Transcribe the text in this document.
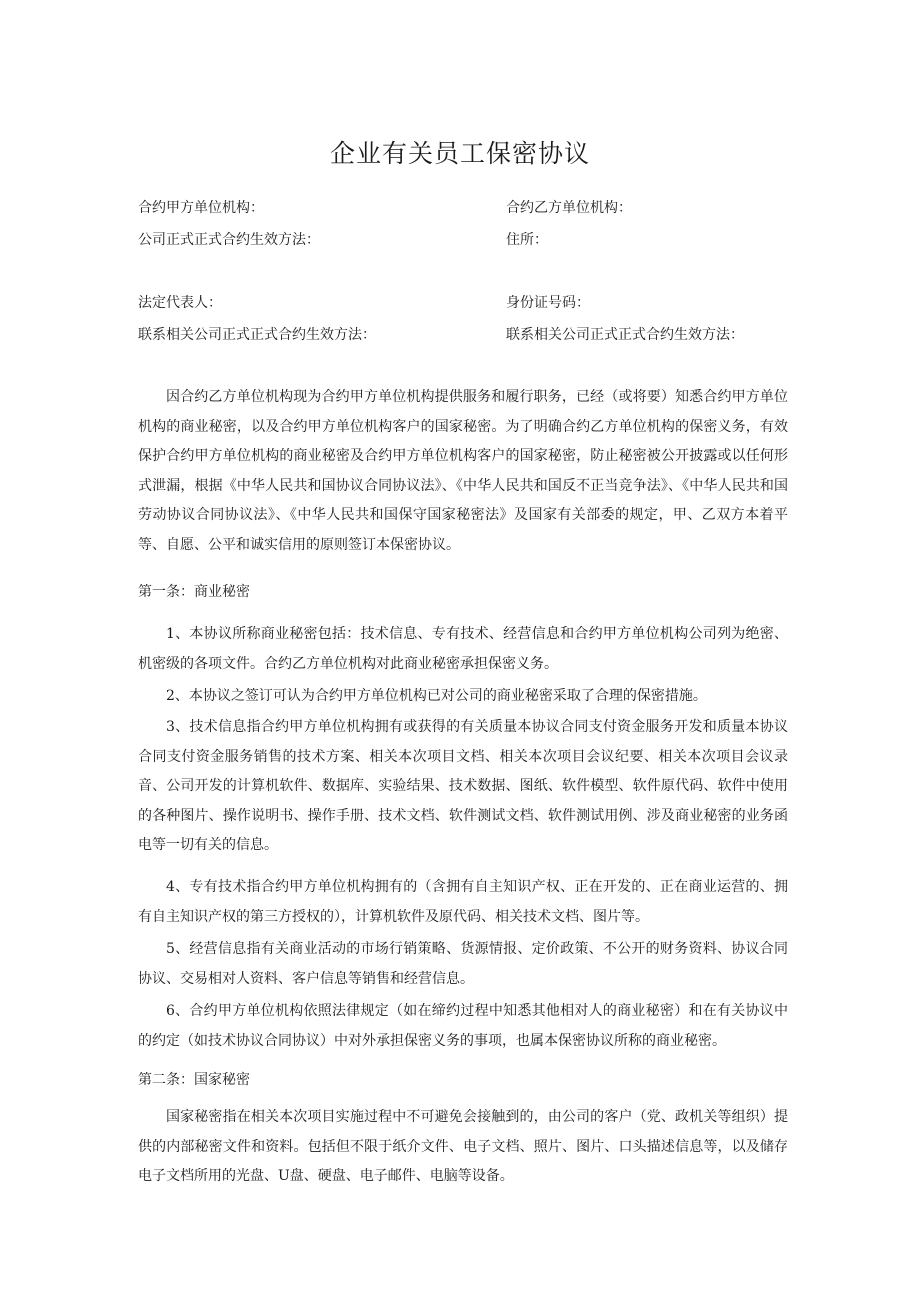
企业有关员工保密协议
合约甲方单位机构：	合约乙方单位机构：
公司正式正式合约生效方法：	住所：
法定代表人：	身份证号码：
联系相关公司正式正式合约生效方法：	联系相关公司正式正式合约生效方法：

因合约乙方单位机构现为合约甲方单位机构提供服务和履行职务，已经（或将要）知悉合约甲方单位机构的商业秘密，以及合约甲方单位机构客户的国家秘密。为了明确合约乙方单位机构的保密义务，有效保护合约甲方单位机构的商业秘密及合约甲方单位机构客户的国家秘密，防止秘密被公开披露或以任何形式泄漏，根据《中华人民共和国协议合同协议法》、《中华人民共和国反不正当竞争法》、《中华人民共和国劳动协议合同协议法》、《中华人民共和国保守国家秘密法》及国家有关部委的规定，甲、乙双方本着平等、自愿、公平和诚实信用的原则签订本保密协议。

第一条：商业秘密

1、本协议所称商业秘密包括：技术信息、专有技术、经营信息和合约甲方单位机构公司列为绝密、机密级的各项文件。合约乙方单位机构对此商业秘密承担保密义务。

2、本协议之签订可认为合约甲方单位机构已对公司的商业秘密采取了合理的保密措施。

3、技术信息指合约甲方单位机构拥有或获得的有关质量本协议合同支付资金服务开发和质量本协议合同支付资金服务销售的技术方案、相关本次项目文档、相关本次项目会议纪要、相关本次项目会议录音、公司开发的计算机软件、数据库、实验结果、技术数据、图纸、软件模型、软件原代码、软件中使用的各种图片、操作说明书、操作手册、技术文档、软件测试文档、软件测试用例、涉及商业秘密的业务函电等一切有关的信息。

4、专有技术指合约甲方单位机构拥有的（含拥有自主知识产权、正在开发的、正在商业运营的、拥有自主知识产权的第三方授权的），计算机软件及原代码、相关技术文档、图片等。

5、经营信息指有关商业活动的市场行销策略、货源情报、定价政策、不公开的财务资料、协议合同协议、交易相对人资料、客户信息等销售和经营信息。

6、合约甲方单位机构依照法律规定（如在缔约过程中知悉其他相对人的商业秘密）和在有关协议中的约定（如技术协议合同协议）中对外承担保密义务的事项，也属本保密协议所称的商业秘密。

第二条：国家秘密

国家秘密指在相关本次项目实施过程中不可避免会接触到的，由公司的客户（党、政机关等组织）提供的内部秘密文件和资料。包括但不限于纸介文件、电子文档、照片、图片、口头描述信息等，以及储存电子文档所用的光盘、U盘、硬盘、电子邮件、电脑等设备。
